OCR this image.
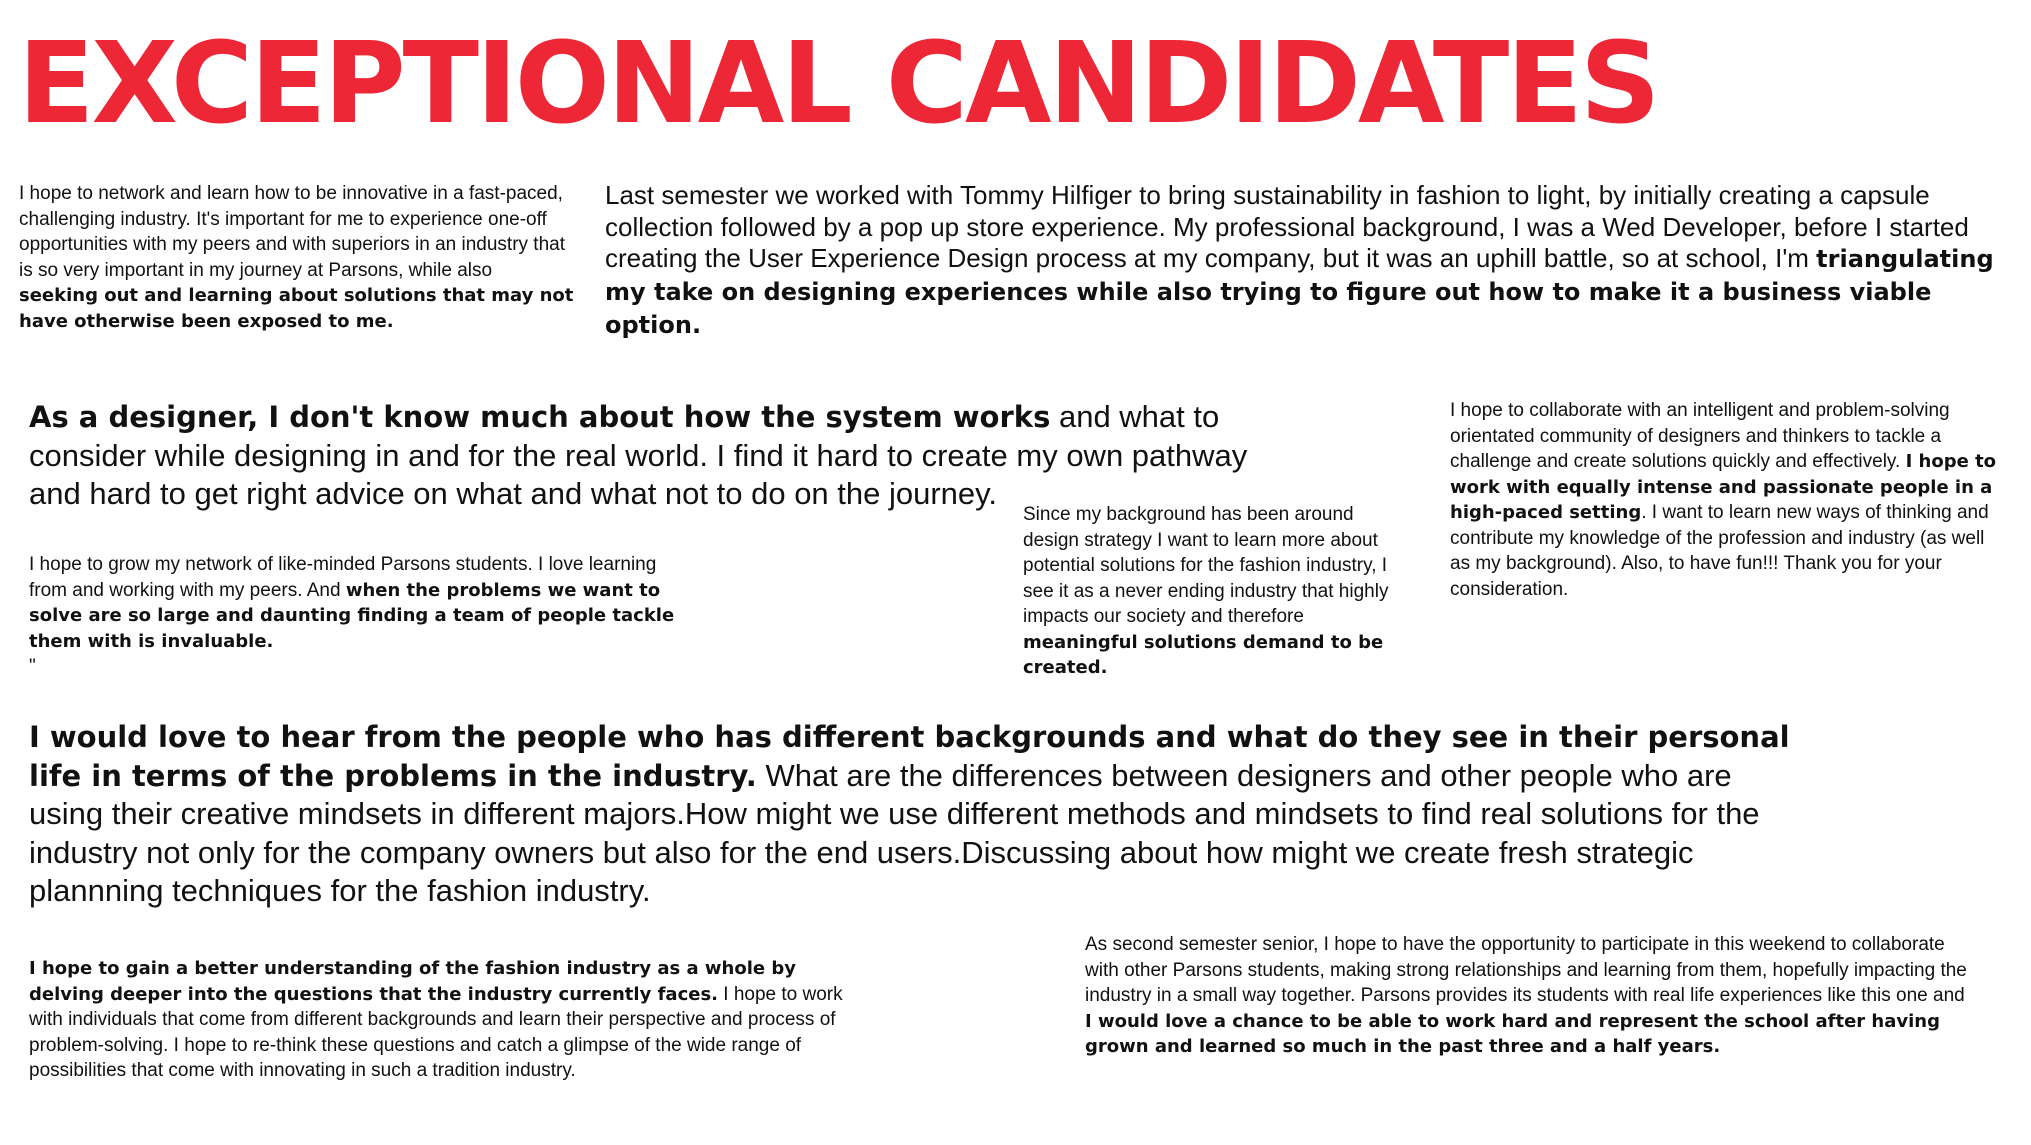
EXCEPTIONAL CANDIDATES

I hope to network and learn how to be innovative in a fast-paced, challenging industry. It's important for me to experience one-off opportunities with my peers and with superiors in an industry that is so very important in my journey at Parsons, while also seeking out and learning about solutions that may not have otherwise been exposed to me.

Last semester we worked with Tommy Hilfiger to bring sustainability in fashion to light, by initially creating a capsule collection followed by a pop up store experience. My professional background, I was a Wed Developer, before I started creating the User Experience Design process at my company, but it was an uphill battle, so at school, I'm triangulating my take on designing experiences while also trying to figure out how to make it a business viable option.

As a designer, I don't know much about how the system works and what to consider while designing in and for the real world. I find it hard to create my own pathway and hard to get right advice on what and what not to do on the journey.

I hope to collaborate with an intelligent and problem-solving orientated community of designers and thinkers to tackle a challenge and create solutions quickly and effectively. I hope to work with equally intense and passionate people in a high-paced setting. I want to learn new ways of thinking and contribute my knowledge of the profession and industry (as well as my background). Also, to have fun!!! Thank you for your consideration.

Since my background has been around design strategy I want to learn more about potential solutions for the fashion industry, I see it as a never ending industry that highly impacts our society and therefore meaningful solutions demand to be created.

I hope to grow my network of like-minded Parsons students. I love learning from and working with my peers. And when the problems we want to solve are so large and daunting finding a team of people tackle them with is invaluable.
"

I would love to hear from the people who has different backgrounds and what do they see in their personal life in terms of the problems in the industry. What are the differences between designers and other people who are using their creative mindsets in different majors.How might we use different methods and mindsets to find real solutions for the industry not only for the company owners but also for the end users.Discussing about how might we create fresh strategic plannning techniques for the fashion industry.

I hope to gain a better understanding of the fashion industry as a whole by delving deeper into the questions that the industry currently faces. I hope to work with individuals that come from different backgrounds and learn their perspective and process of problem-solving. I hope to re-think these questions and catch a glimpse of the wide range of possibilities that come with innovating in such a tradition industry.

As second semester senior, I hope to have the opportunity to participate in this weekend to collaborate with other Parsons students, making strong relationships and learning from them, hopefully impacting the industry in a small way together. Parsons provides its students with real life experiences like this one and I would love a chance to be able to work hard and represent the school after having grown and learned so much in the past three and a half years.
